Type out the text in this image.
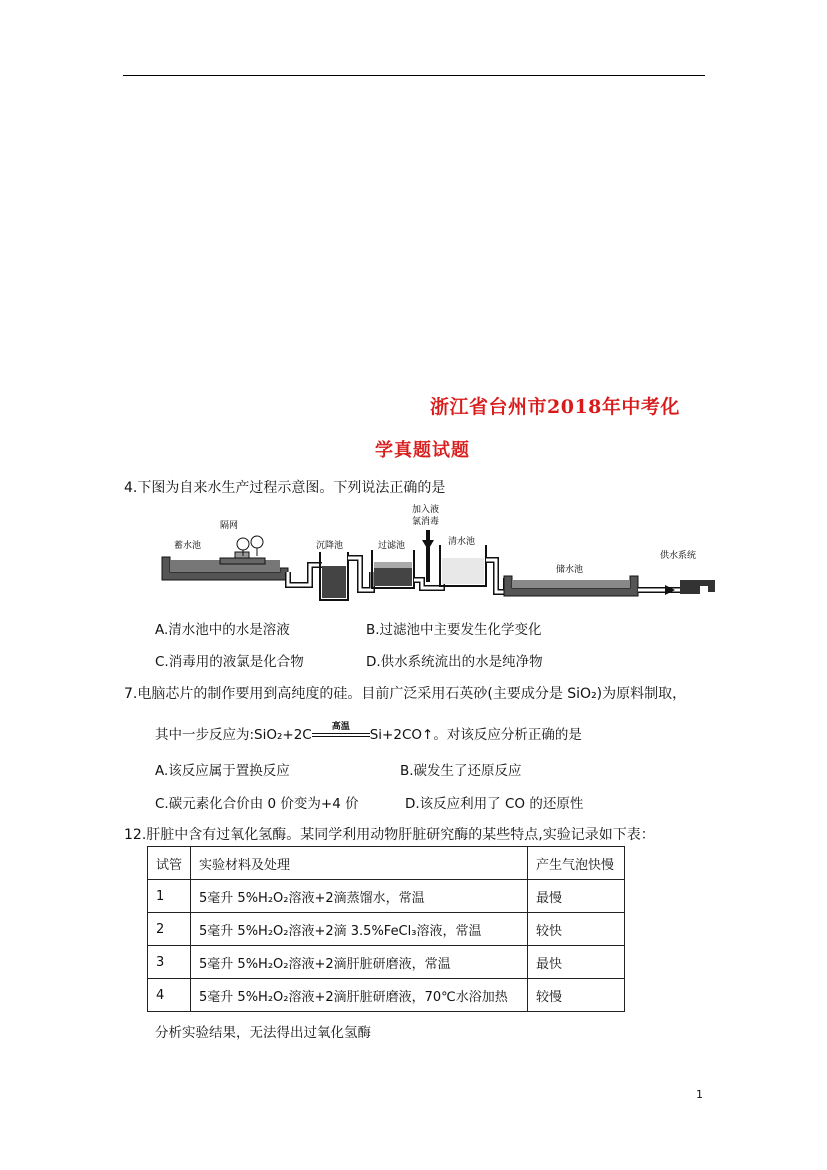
浙江省台州市2018年中考化
学真题试题
4.下图为自来水生产过程示意图。下列说法正确的是
蓄水池
隔网
沉降池	过滤池
加入液
氯消毒
清水池
储水池
供水系统
A.清水池中的水是溶液	B.过滤池中主要发生化学变化
C.消毒用的液氯是化合物	D.供水系统流出的水是纯净物
7.电脑芯片的制作要用到高纯度的硅。目前广泛采用石英砂(主要成分是 SiO₂)为原料制取，
其中一步反应为:SiO₂+2C	高温	Si+2CO↑。对该反应分析正确的是
A.该反应属于置换反应	B.碳发生了还原反应
C.碳元素化合价由 0 价变为+4 价	D.该反应利用了 CO 的还原性
12.肝脏中含有过氧化氢酶。某同学利用动物肝脏研究酶的某些特点,实验记录如下表：
试管	实验材料及处理	产生气泡快慢
1	5毫升 5%H₂O₂溶液+2滴蒸馏水，常温	最慢
2	5毫升 5%H₂O₂溶液+2滴 3.5%FeCl₃溶液，常温	较快
3	5毫升 5%H₂O₂溶液+2滴肝脏研磨液，常温	最快
4	5毫升 5%H₂O₂溶液+2滴肝脏研磨液，70℃水浴加热	较慢
分析实验结果，无法得出过氧化氢酶
1
